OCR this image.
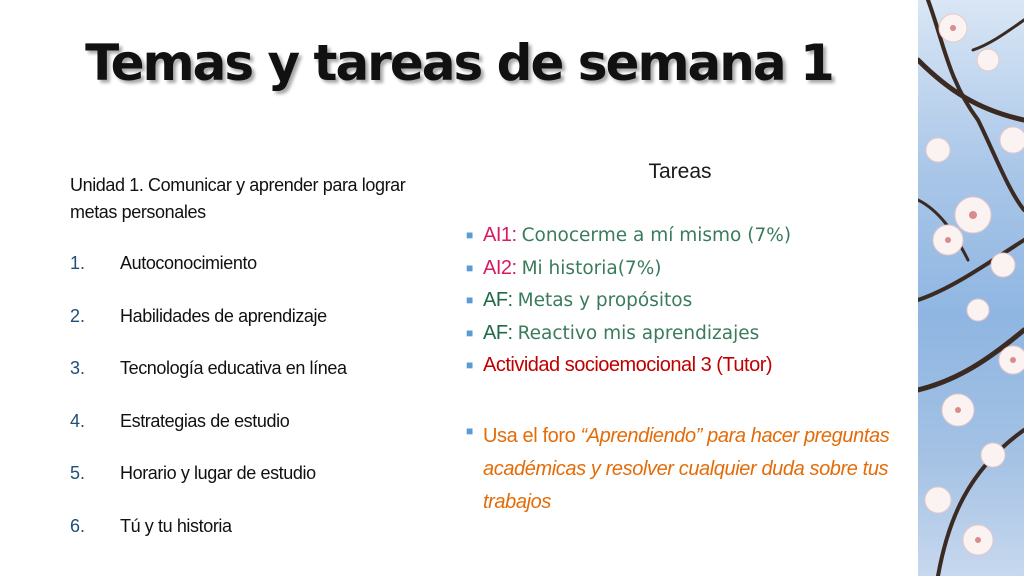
Temas y tareas de semana 1

Unidad 1. Comunicar y aprender para lograr metas personales

1.	Autoconocimiento
2.	Habilidades de aprendizaje
3.	Tecnología educativa en línea
4.	Estrategias de estudio
5.	Horario y lugar de estudio
6.	Tú y tu historia
Tareas
■ AI1: Conocerme a mí mismo (7%)
■ AI2: Mi historia(7%)
■ AF: Metas y propósitos
■ AF: Reactivo mis aprendizajes
■ Actividad socioemocional 3 (Tutor)
■ Usa el foro “Aprendiendo” para hacer preguntas académicas y resolver cualquier duda sobre tus trabajos
